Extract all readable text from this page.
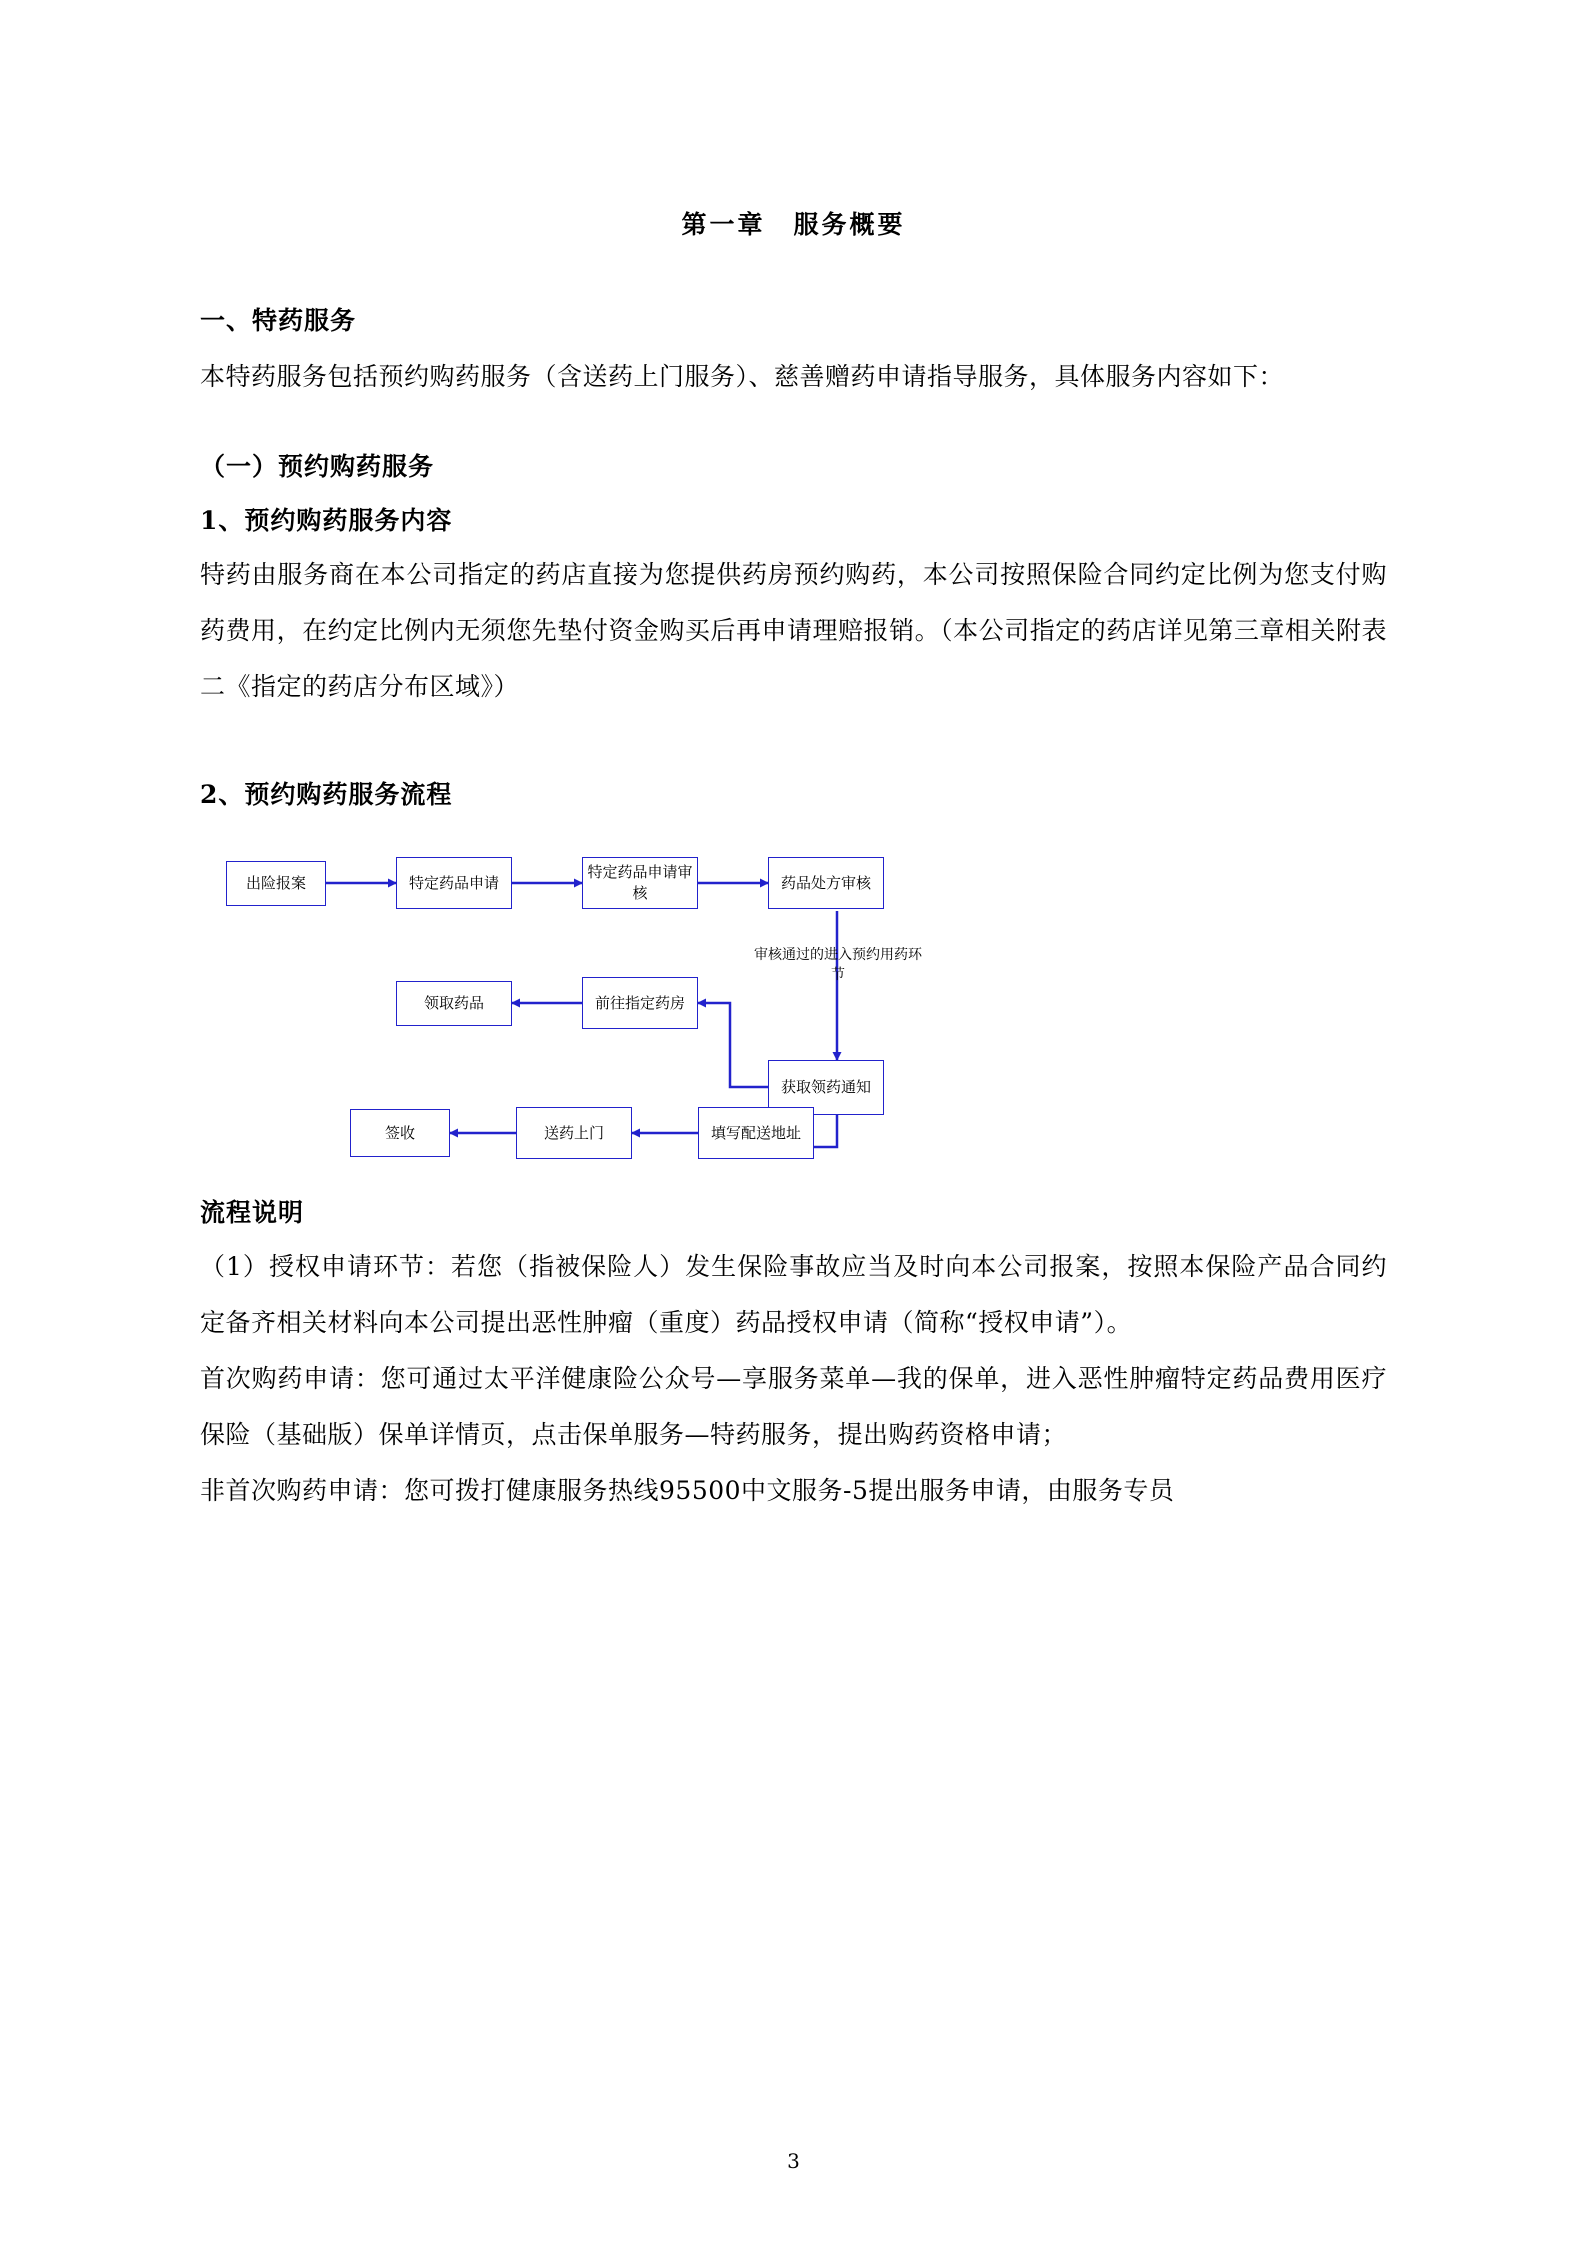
第一章　服务概要
一、特药服务

本特药服务包括预约购药服务（含送药上门服务）、慈善赠药申请指导服务，具体服务内容如下：

（一）预约购药服务
1、预约购药服务内容

特药由服务商在本公司指定的药店直接为您提供药房预约购药，本公司按照保险合同约定比例为您支付购药费用，在约定比例内无须您先垫付资金购买后再申请理赔报销。（本公司指定的药店详见第三章相关附表二《指定的药店分布区域》）

2、预约购药服务流程
出险报案	特定药品申请
特定药品申请审核
药品处方审核
审核通过的进入预约用药环节
获取领药通知
前往指定药房
领取药品
填写配送地址
送药上门
签收
流程说明

（1）授权申请环节：若您（指被保险人）发生保险事故应当及时向本公司报案，按照本保险产品合同约定备齐相关材料向本公司提出恶性肿瘤（重度）药品授权申请（简称“授权申请”）。

首次购药申请：您可通过太平洋健康险公众号—享服务菜单—我的保单，进入恶性肿瘤特定药品费用医疗保险（基础版）保单详情页，点击保单服务—特药服务，提出购药资格申请；

非首次购药申请：您可拨打健康服务热线95500中文服务-5提出服务申请，由服务专员

3
